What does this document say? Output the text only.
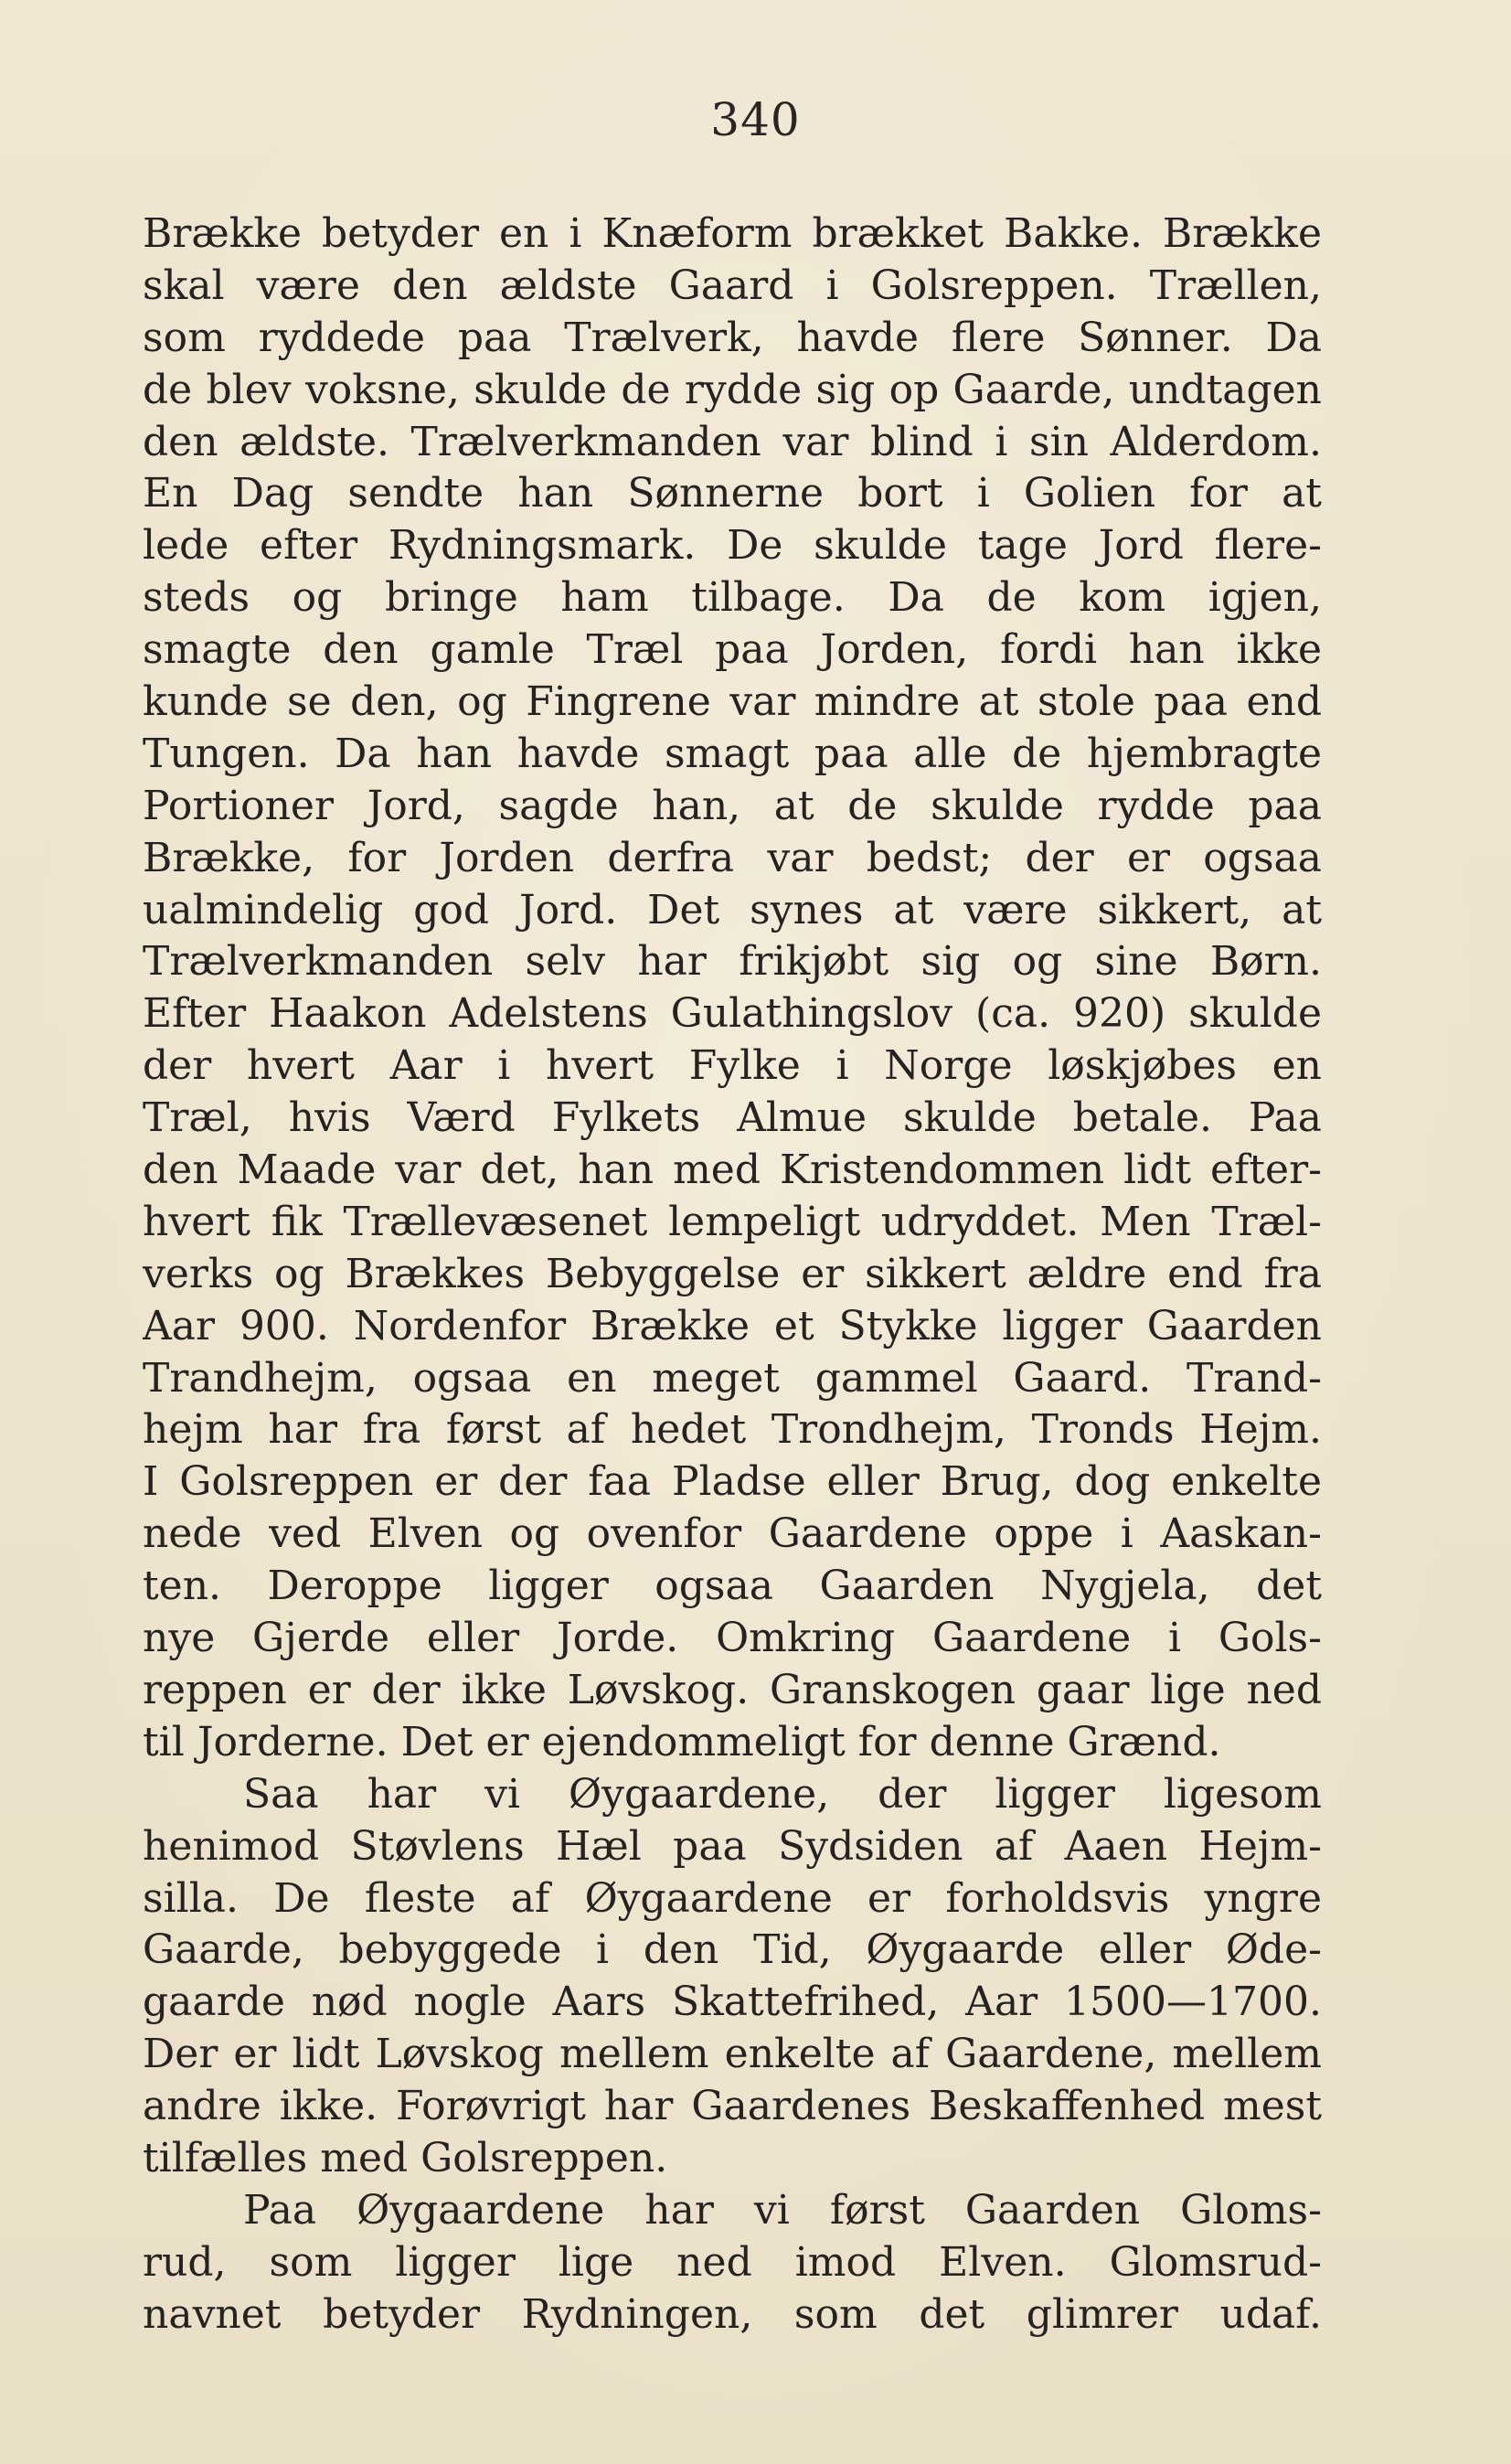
340
Brække betyder en i Knæform brækket Bakke. Brække
skal være den ældste Gaard i Golsreppen. Trællen,
som ryddede paa Trælverk, havde flere Sønner. Da
de blev voksne, skulde de rydde sig op Gaarde, undtagen
den ældste. Trælverkmanden var blind i sin Alderdom.
En Dag sendte han Sønnerne bort i Golien for at
lede efter Rydningsmark. De skulde tage Jord flere-
steds og bringe ham tilbage. Da de kom igjen,
smagte den gamle Træl paa Jorden, fordi han ikke
kunde se den, og Fingrene var mindre at stole paa end
Tungen. Da han havde smagt paa alle de hjembragte
Portioner Jord, sagde han, at de skulde rydde paa
Brække, for Jorden derfra var bedst; der er ogsaa
ualmindelig god Jord. Det synes at være sikkert, at
Trælverkmanden selv har frikjøbt sig og sine Børn.
Efter Haakon Adelstens Gulathingslov (ca. 920) skulde
der hvert Aar i hvert Fylke i Norge løskjøbes en
Træl, hvis Værd Fylkets Almue skulde betale. Paa
den Maade var det, han med Kristendommen lidt efter-
hvert fik Trællevæsenet lempeligt udryddet. Men Træl-
verks og Brækkes Bebyggelse er sikkert ældre end fra
Aar 900. Nordenfor Brække et Stykke ligger Gaarden
Trandhejm, ogsaa en meget gammel Gaard. Trand-
hejm har fra først af hedet Trondhejm, Tronds Hejm.
I Golsreppen er der faa Pladse eller Brug, dog enkelte
nede ved Elven og ovenfor Gaardene oppe i Aaskan-
ten. Deroppe ligger ogsaa Gaarden Nygjela, det
nye Gjerde eller Jorde. Omkring Gaardene i Gols-
reppen er der ikke Løvskog. Granskogen gaar lige ned
til Jorderne. Det er ejendommeligt for denne Grænd.
Saa har vi Øygaardene, der ligger ligesom
henimod Støvlens Hæl paa Sydsiden af Aaen Hejm-
silla. De fleste af Øygaardene er forholdsvis yngre
Gaarde, bebyggede i den Tid, Øygaarde eller Øde-
gaarde nød nogle Aars Skattefrihed, Aar 1500—1700.
Der er lidt Løvskog mellem enkelte af Gaardene, mellem
andre ikke. Forøvrigt har Gaardenes Beskaffenhed mest
tilfælles med Golsreppen.
Paa Øygaardene har vi først Gaarden Gloms-
rud, som ligger lige ned imod Elven. Glomsrud-
navnet betyder Rydningen, som det glimrer udaf.
